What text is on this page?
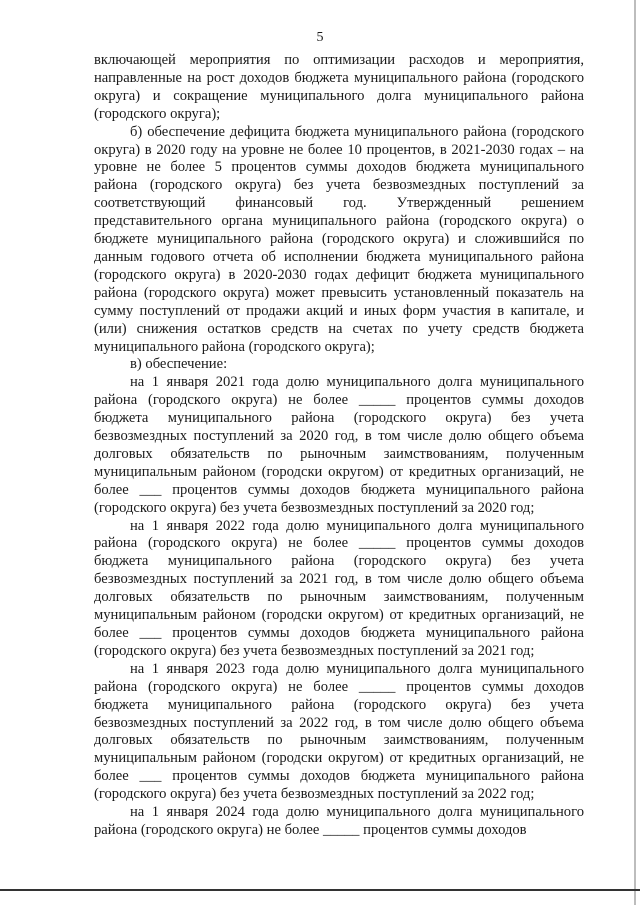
5

включающей мероприятия по оптимизации расходов и мероприятия, направленные на рост доходов бюджета муниципального района (городского округа) и сокращение муниципального долга муниципального района (городского округа);

б) обеспечение дефицита бюджета муниципального района (городского округа) в 2020 году на уровне не более 10 процентов, в 2021-2030 годах – на уровне не более 5 процентов суммы доходов бюджета муниципального района (городского округа) без учета безвозмездных поступлений за соответствующий финансовый год. Утвержденный решением представительного органа муниципального района (городского округа) о бюджете муниципального района (городского округа) и сложившийся по данным годового отчета об исполнении бюджета муниципального района (городского округа) в 2020-2030 годах дефицит бюджета муниципального района (городского округа) может превысить установленный показатель на сумму поступлений от продажи акций и иных форм участия в капитале, и (или) снижения остатков средств на счетах по учету средств бюджета муниципального района (городского округа);

в) обеспечение:

на 1 января 2021 года долю муниципального долга муниципального района (городского округа) не более _____ процентов суммы доходов бюджета муниципального района (городского округа) без учета безвозмездных поступлений за 2020 год, в том числе долю общего объема долговых обязательств по рыночным заимствованиям, полученным муниципальным районом (городски округом) от кредитных организаций, не более ___ процентов суммы доходов бюджета муниципального района (городского округа) без учета безвозмездных поступлений за 2020 год;

на 1 января 2022 года долю муниципального долга муниципального района (городского округа) не более _____ процентов суммы доходов бюджета муниципального района (городского округа) без учета безвозмездных поступлений за 2021 год, в том числе долю общего объема долговых обязательств по рыночным заимствованиям, полученным муниципальным районом (городски округом) от кредитных организаций, не более ___ процентов суммы доходов бюджета муниципального района (городского округа) без учета безвозмездных поступлений за 2021 год;

на 1 января 2023 года долю муниципального долга муниципального района (городского округа) не более _____ процентов суммы доходов бюджета муниципального района (городского округа) без учета безвозмездных поступлений за 2022 год, в том числе долю общего объема долговых обязательств по рыночным заимствованиям, полученным муниципальным районом (городски округом) от кредитных организаций, не более ___ процентов суммы доходов бюджета муниципального района (городского округа) без учета безвозмездных поступлений за 2022 год;

на 1 января 2024 года долю муниципального долга муниципального района (городского округа) не более _____ процентов суммы доходов
